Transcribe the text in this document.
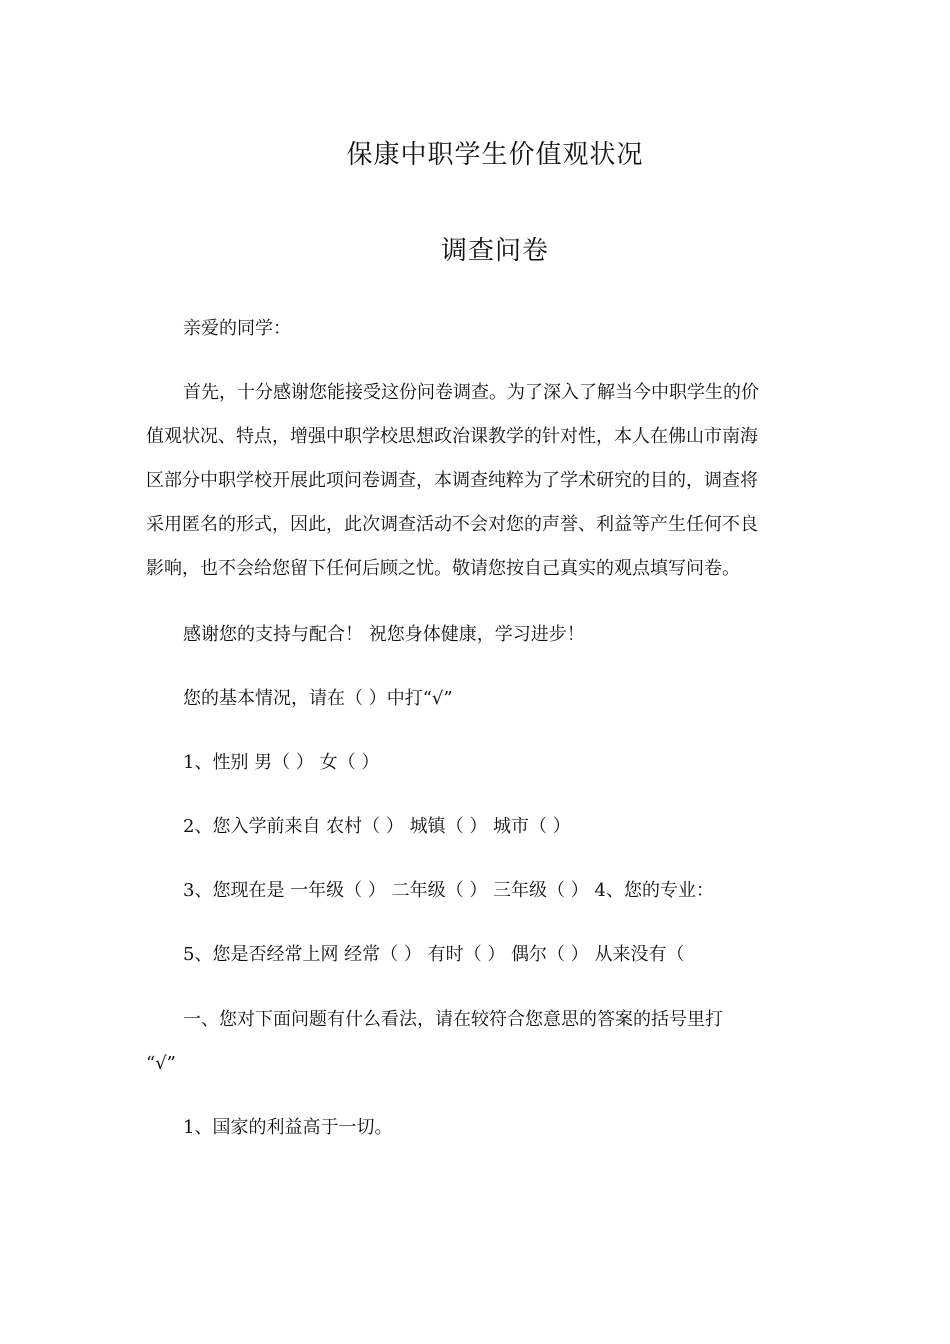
保康中职学生价值观状况
调查问卷
亲爱的同学：
首先，十分感谢您能接受这份问卷调查。为了深入了解当今中职学生的价
值观状况、特点，增强中职学校思想政治课教学的针对性，本人在佛山市南海
区部分中职学校开展此项问卷调查，本调查纯粹为了学术研究的目的，调查将
采用匿名的形式，因此，此次调查活动不会对您的声誉、利益等产生任何不良
影响，也不会给您留下任何后顾之忧。敬请您按自己真实的观点填写问卷。
感谢您的支持与配合！ 祝您身体健康，学习进步！
您的基本情况，请在（ ）中打“√”
1、性别 男（ ） 女（ ）
2、您入学前来自 农村（ ） 城镇（ ） 城市（ ）
3、您现在是 一年级（ ） 二年级（ ） 三年级（ ） 4、您的专业：
5、您是否经常上网 经常（ ） 有时（ ） 偶尔（ ） 从来没有（
一、您对下面问题有什么看法，请在较符合您意思的答案的括号里打
“√”
1、国家的利益高于一切。
